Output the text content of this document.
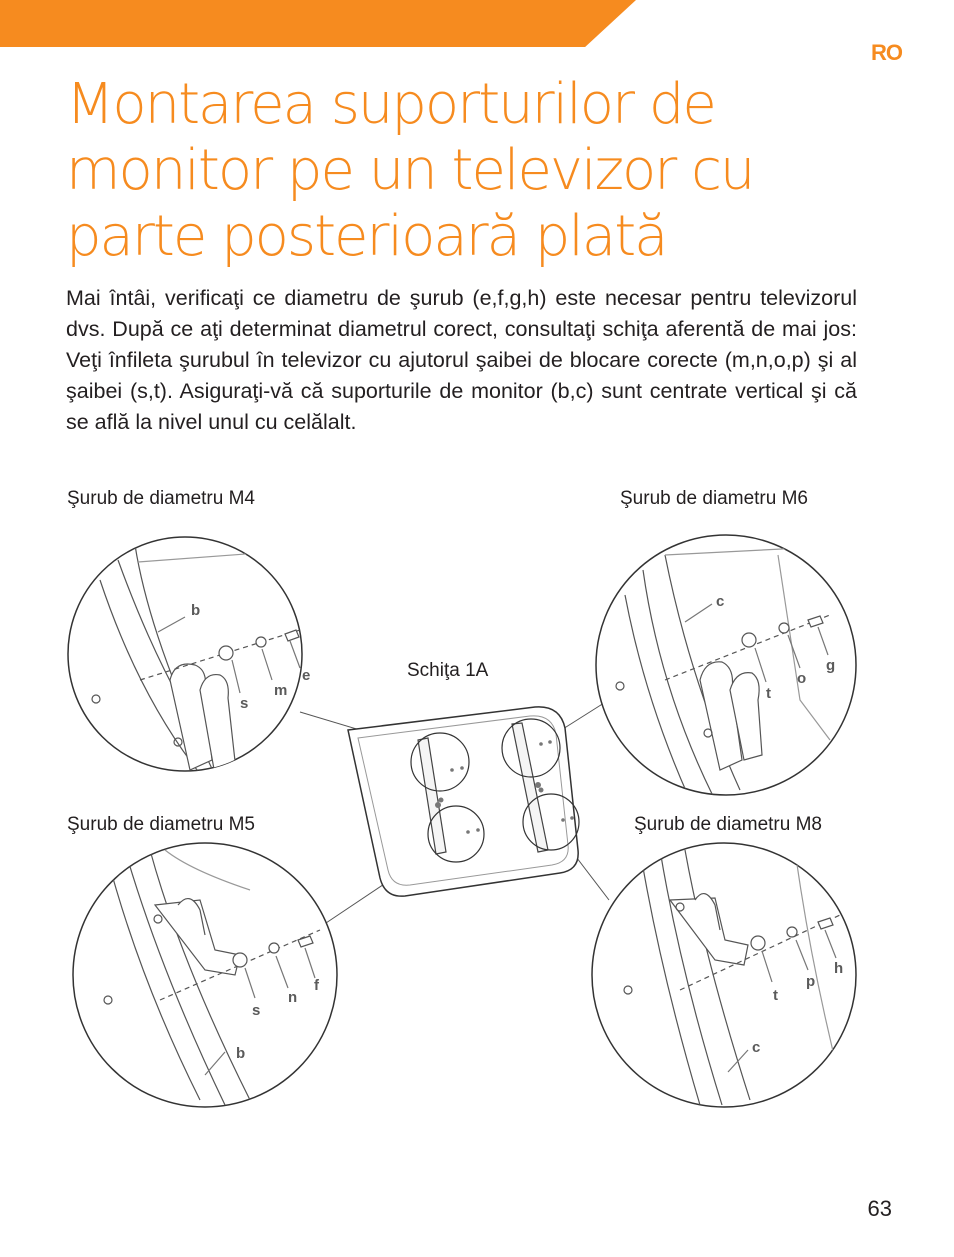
RO
Montarea suporturilor de monitor pe un televizor cu parte posterioară plată

Mai întâi, verificaţi ce diametru de şurub (e,f,g,h) este necesar pentru televizorul dvs. După ce aţi determinat diametrul corect, consultaţi schiţa aferentă de mai jos: Veţi înfileta şurubul în televizor cu ajutorul şaibei de blocare corecte (m,n,o,p) şi al şaibei (s,t). Asiguraţi-vă că suporturile de monitor (b,c) sunt centrate vertical şi că se află la nivel unul cu celălalt.

Şurub de diametru M4	Şurub de diametru M6
Şurub de diametru M5	Şurub de diametru M8
Schiţa 1A
b
s
m
e
c
t
o
g
s
n
f
b
t
p
h
c
63
